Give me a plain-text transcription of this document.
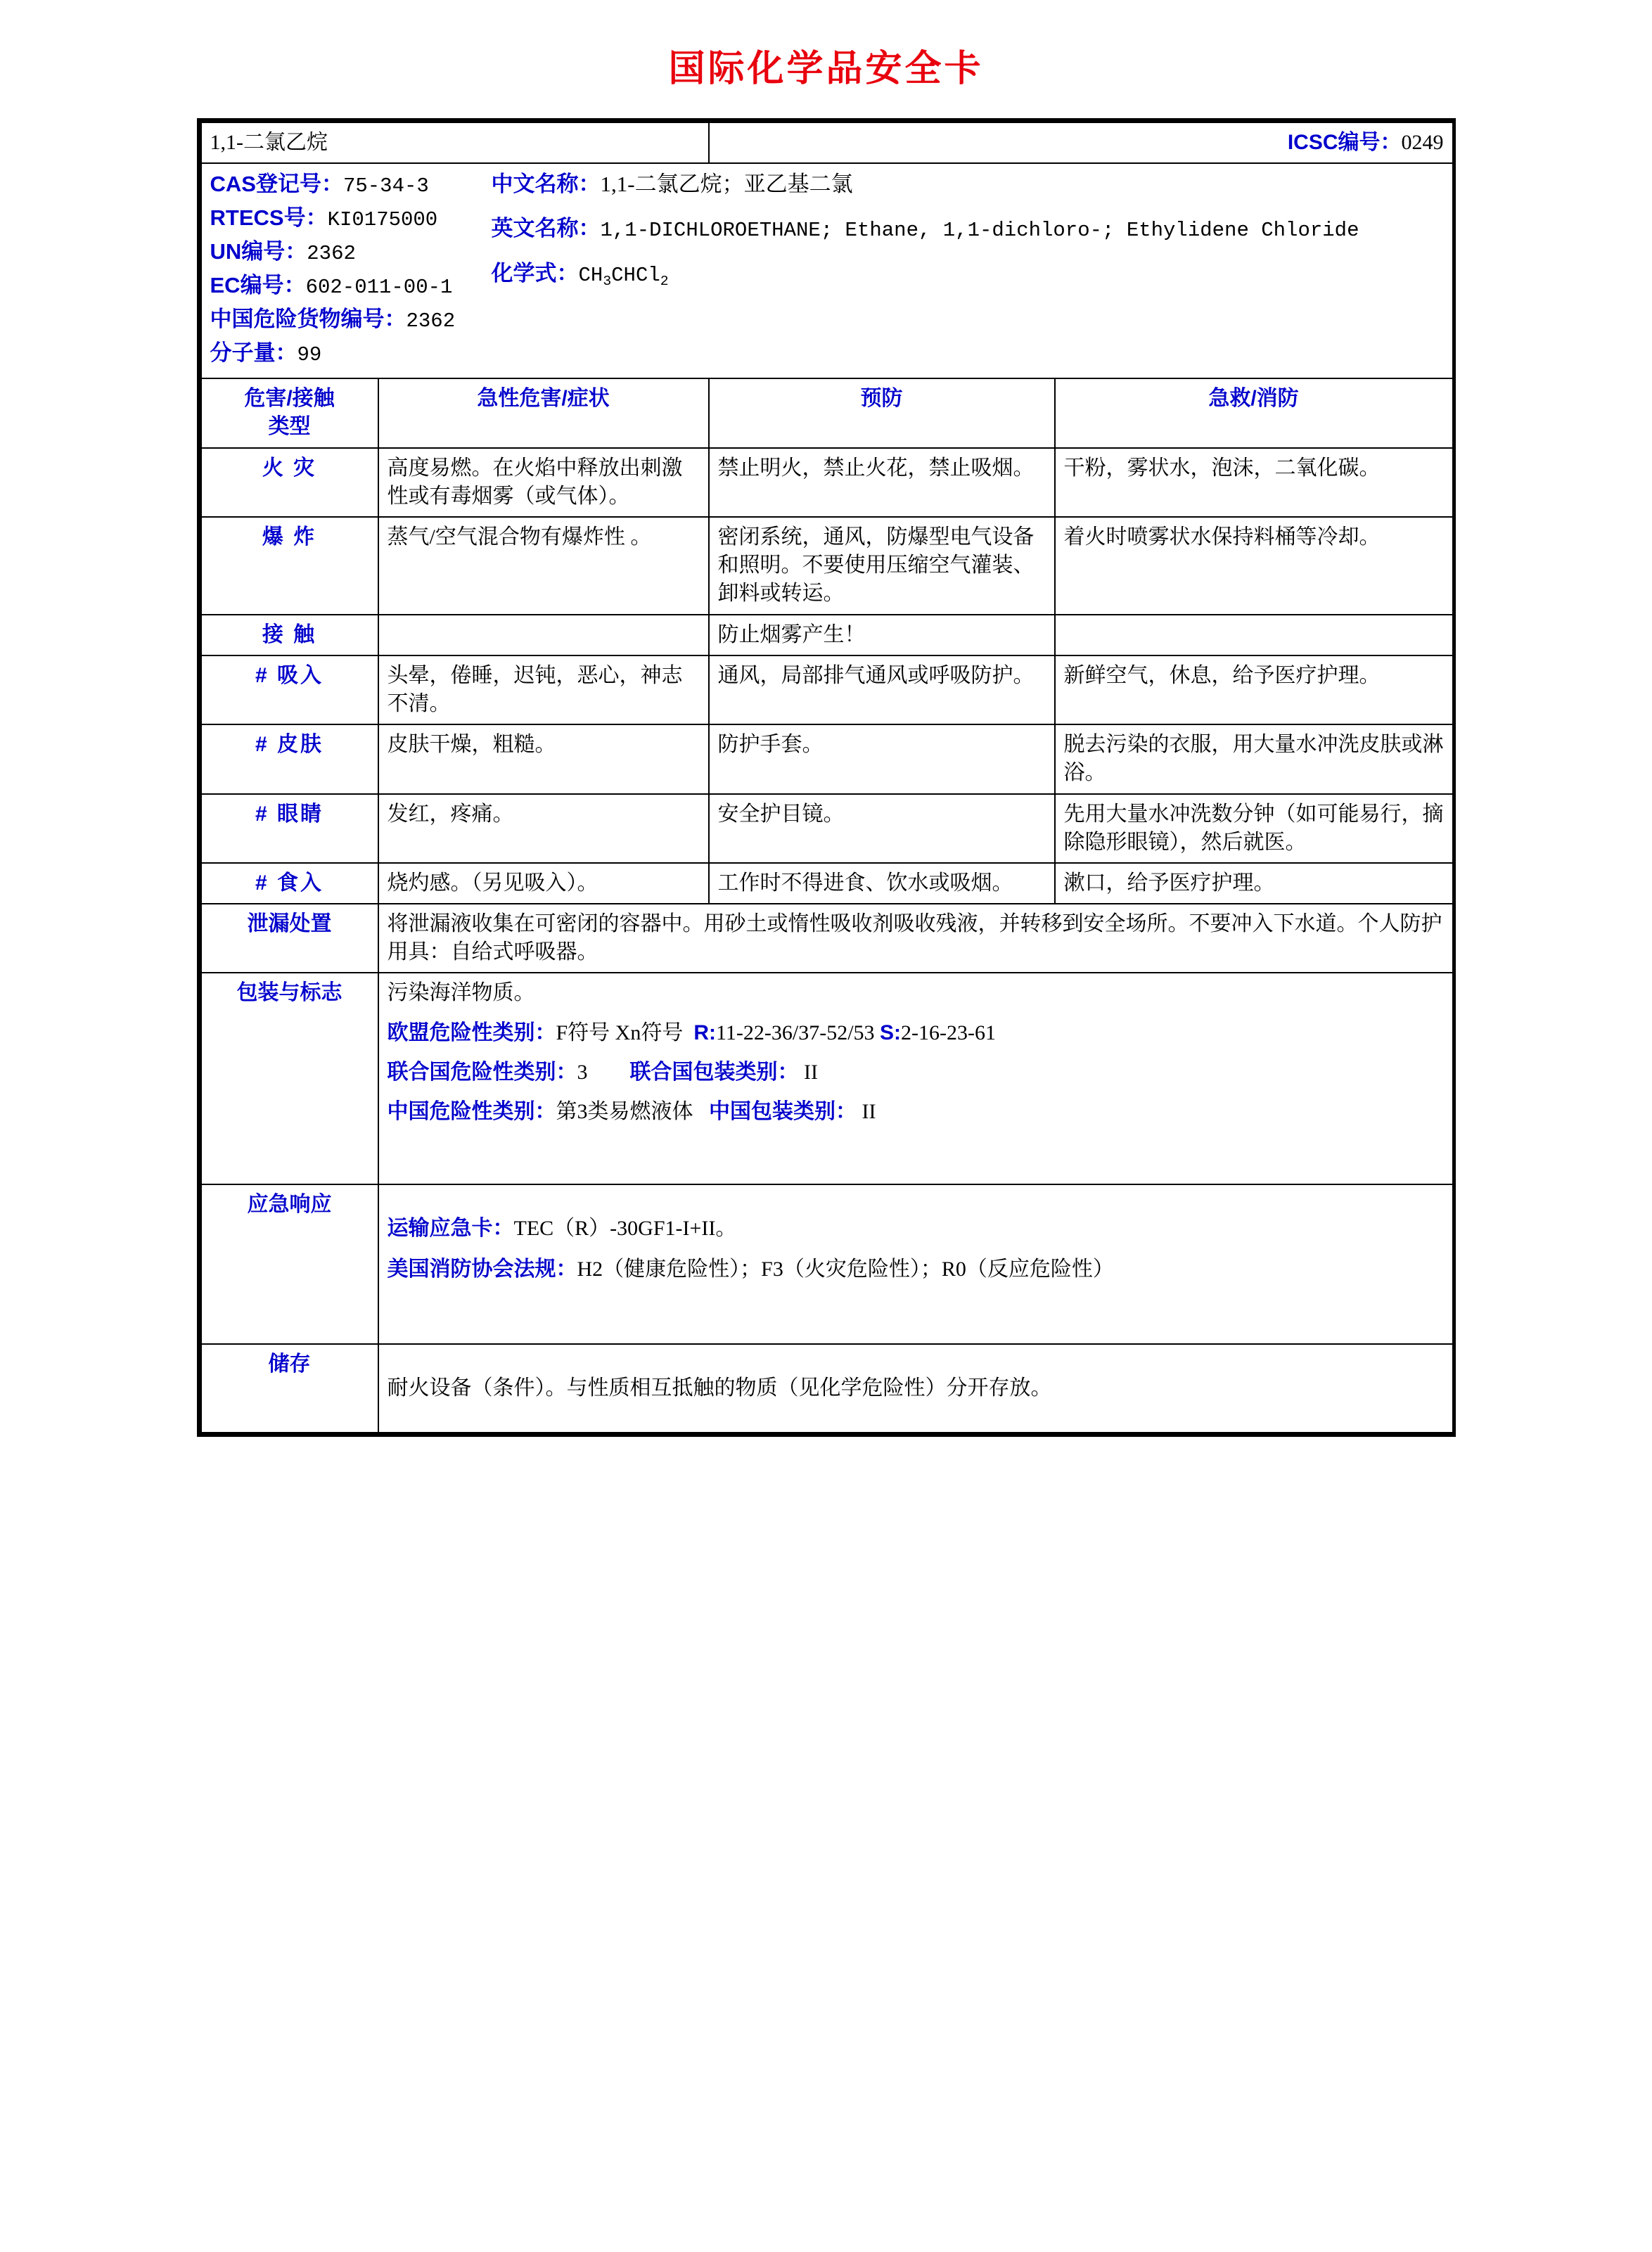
国际化学品安全卡
1,1-二氯乙烷		ICSC编号：0249	

CAS登记号：75-34-3
RTECS号：KI0175000
UN编号：2362
EC编号：602-011-00-1
中国危险货物编号：2362
分子量：99
中文名称：1,1-二氯乙烷；亚乙基二氯
英文名称：1,1-DICHLOROETHANE; Ethane, 1,1-dichloro-; Ethylidene Chloride
化学式：$CH_3CHCl_2$

危害/接触
类型	急性危害/症状	预防	急救/消防
火 灾	高度易燃。在火焰中释放出刺激性或有毒烟雾（或气体）。	禁止明火，禁止火花，禁止吸烟。	干粉，雾状水，泡沫，二氧化碳。
爆 炸	蒸气/空气混合物有爆炸性 。	密闭系统，通风，防爆型电气设备和照明。不要使用压缩空气灌装、卸料或转运。	着火时喷雾状水保持料桶等冷却。
接 触		防止烟雾产生！	
# 吸入	头晕，倦睡，迟钝，恶心，神志不清。	通风，局部排气通风或呼吸防护。	新鲜空气，休息，给予医疗护理。
# 皮肤	皮肤干燥，粗糙。	防护手套。	脱去污染的衣服，用大量水冲洗皮肤或淋浴。
# 眼睛	发红，疼痛。	安全护目镜。	先用大量水冲洗数分钟（如可能易行，摘除隐形眼镜），然后就医。
# 食入	烧灼感。（另见吸入）。	工作时不得进食、饮水或吸烟。	漱口，给予医疗护理。
泄漏处置	将泄漏液收集在可密闭的容器中。用砂土或惰性吸收剂吸收残液，并转移到安全场所。不要冲入下水道。个人防护用具：自给式呼吸器。		
包装与标志	污染海洋物质。
欧盟危险性类别：F符号 Xn符号 R:11-22-36/37-52/53 S:2-16-23-61
联合国危险性类别：3 联合国包装类别： II
中国危险性类别：第3类易燃液体 中国包装类别： II		

应急响应	运输应急卡：TEC（R）-30GF1-I+II。
美国消防协会法规：H2（健康危险性）；F3（火灾危险性）；R0（反应危险性）		

储存	耐火设备（条件）。与性质相互抵触的物质（见化学危险性）分开存放。		
